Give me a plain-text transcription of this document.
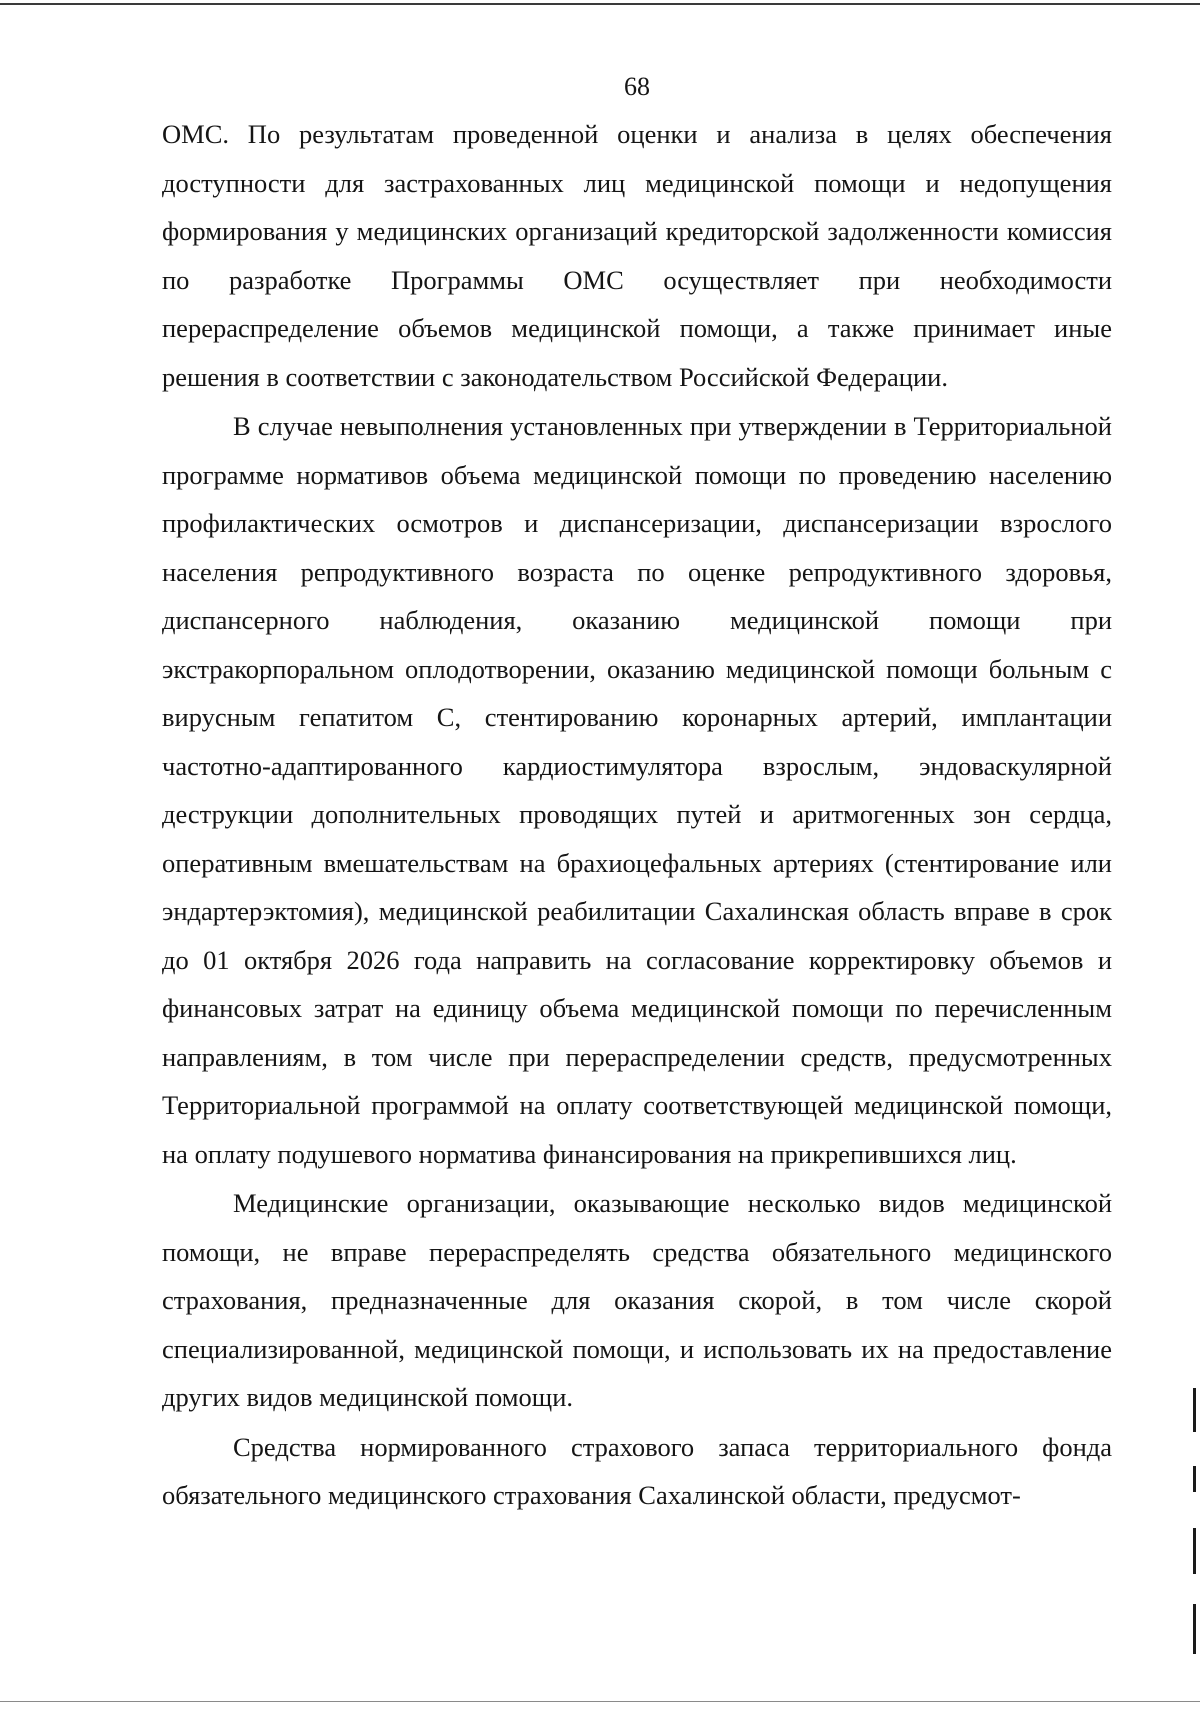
68

ОМС. По результатам проведенной оценки и анализа в целях обеспечения доступности для застрахованных лиц медицинской помощи и недопущения формирования у медицинских организаций кредиторской задолженности комиссия по разработке Программы ОМС осуществляет при необходимости перераспределение объемов медицинской помощи, а также принимает иные решения в соответствии с законодательством Российской Федерации.

В случае невыполнения установленных при утверждении в Территориальной программе нормативов объема медицинской помощи по проведению населению профилактических осмотров и диспансеризации, диспансеризации взрослого населения репродуктивного возраста по оценке репродуктивного здоровья, диспансерного наблюдения, оказанию медицинской помощи при экстракорпоральном оплодотворении, оказанию медицинской помощи больным с вирусным гепатитом С, стентированию коронарных артерий, имплантации частотно-адаптированного кардиостимулятора взрослым, эндоваскулярной деструкции дополнительных проводящих путей и аритмогенных зон сердца, оперативным вмешательствам на брахиоцефальных артериях (стентирование или эндартерэктомия), медицинской реабилитации Сахалинская область вправе в срок до 01 октября 2026 года направить на согласование корректировку объемов и финансовых затрат на единицу объема медицинской помощи по перечисленным направлениям, в том числе при перераспределении средств, предусмотренных Территориальной программой на оплату соответствующей медицинской помощи, на оплату подушевого норматива финансирования на прикрепившихся лиц.

Медицинские организации, оказывающие несколько видов медицинской помощи, не вправе перераспределять средства обязательного медицинского страхования, предназначенные для оказания скорой, в том числе скорой специализированной, медицинской помощи, и использовать их на предоставление других видов медицинской помощи.

Средства нормированного страхового запаса территориального фонда обязательного медицинского страхования Сахалинской области, предусмот-
